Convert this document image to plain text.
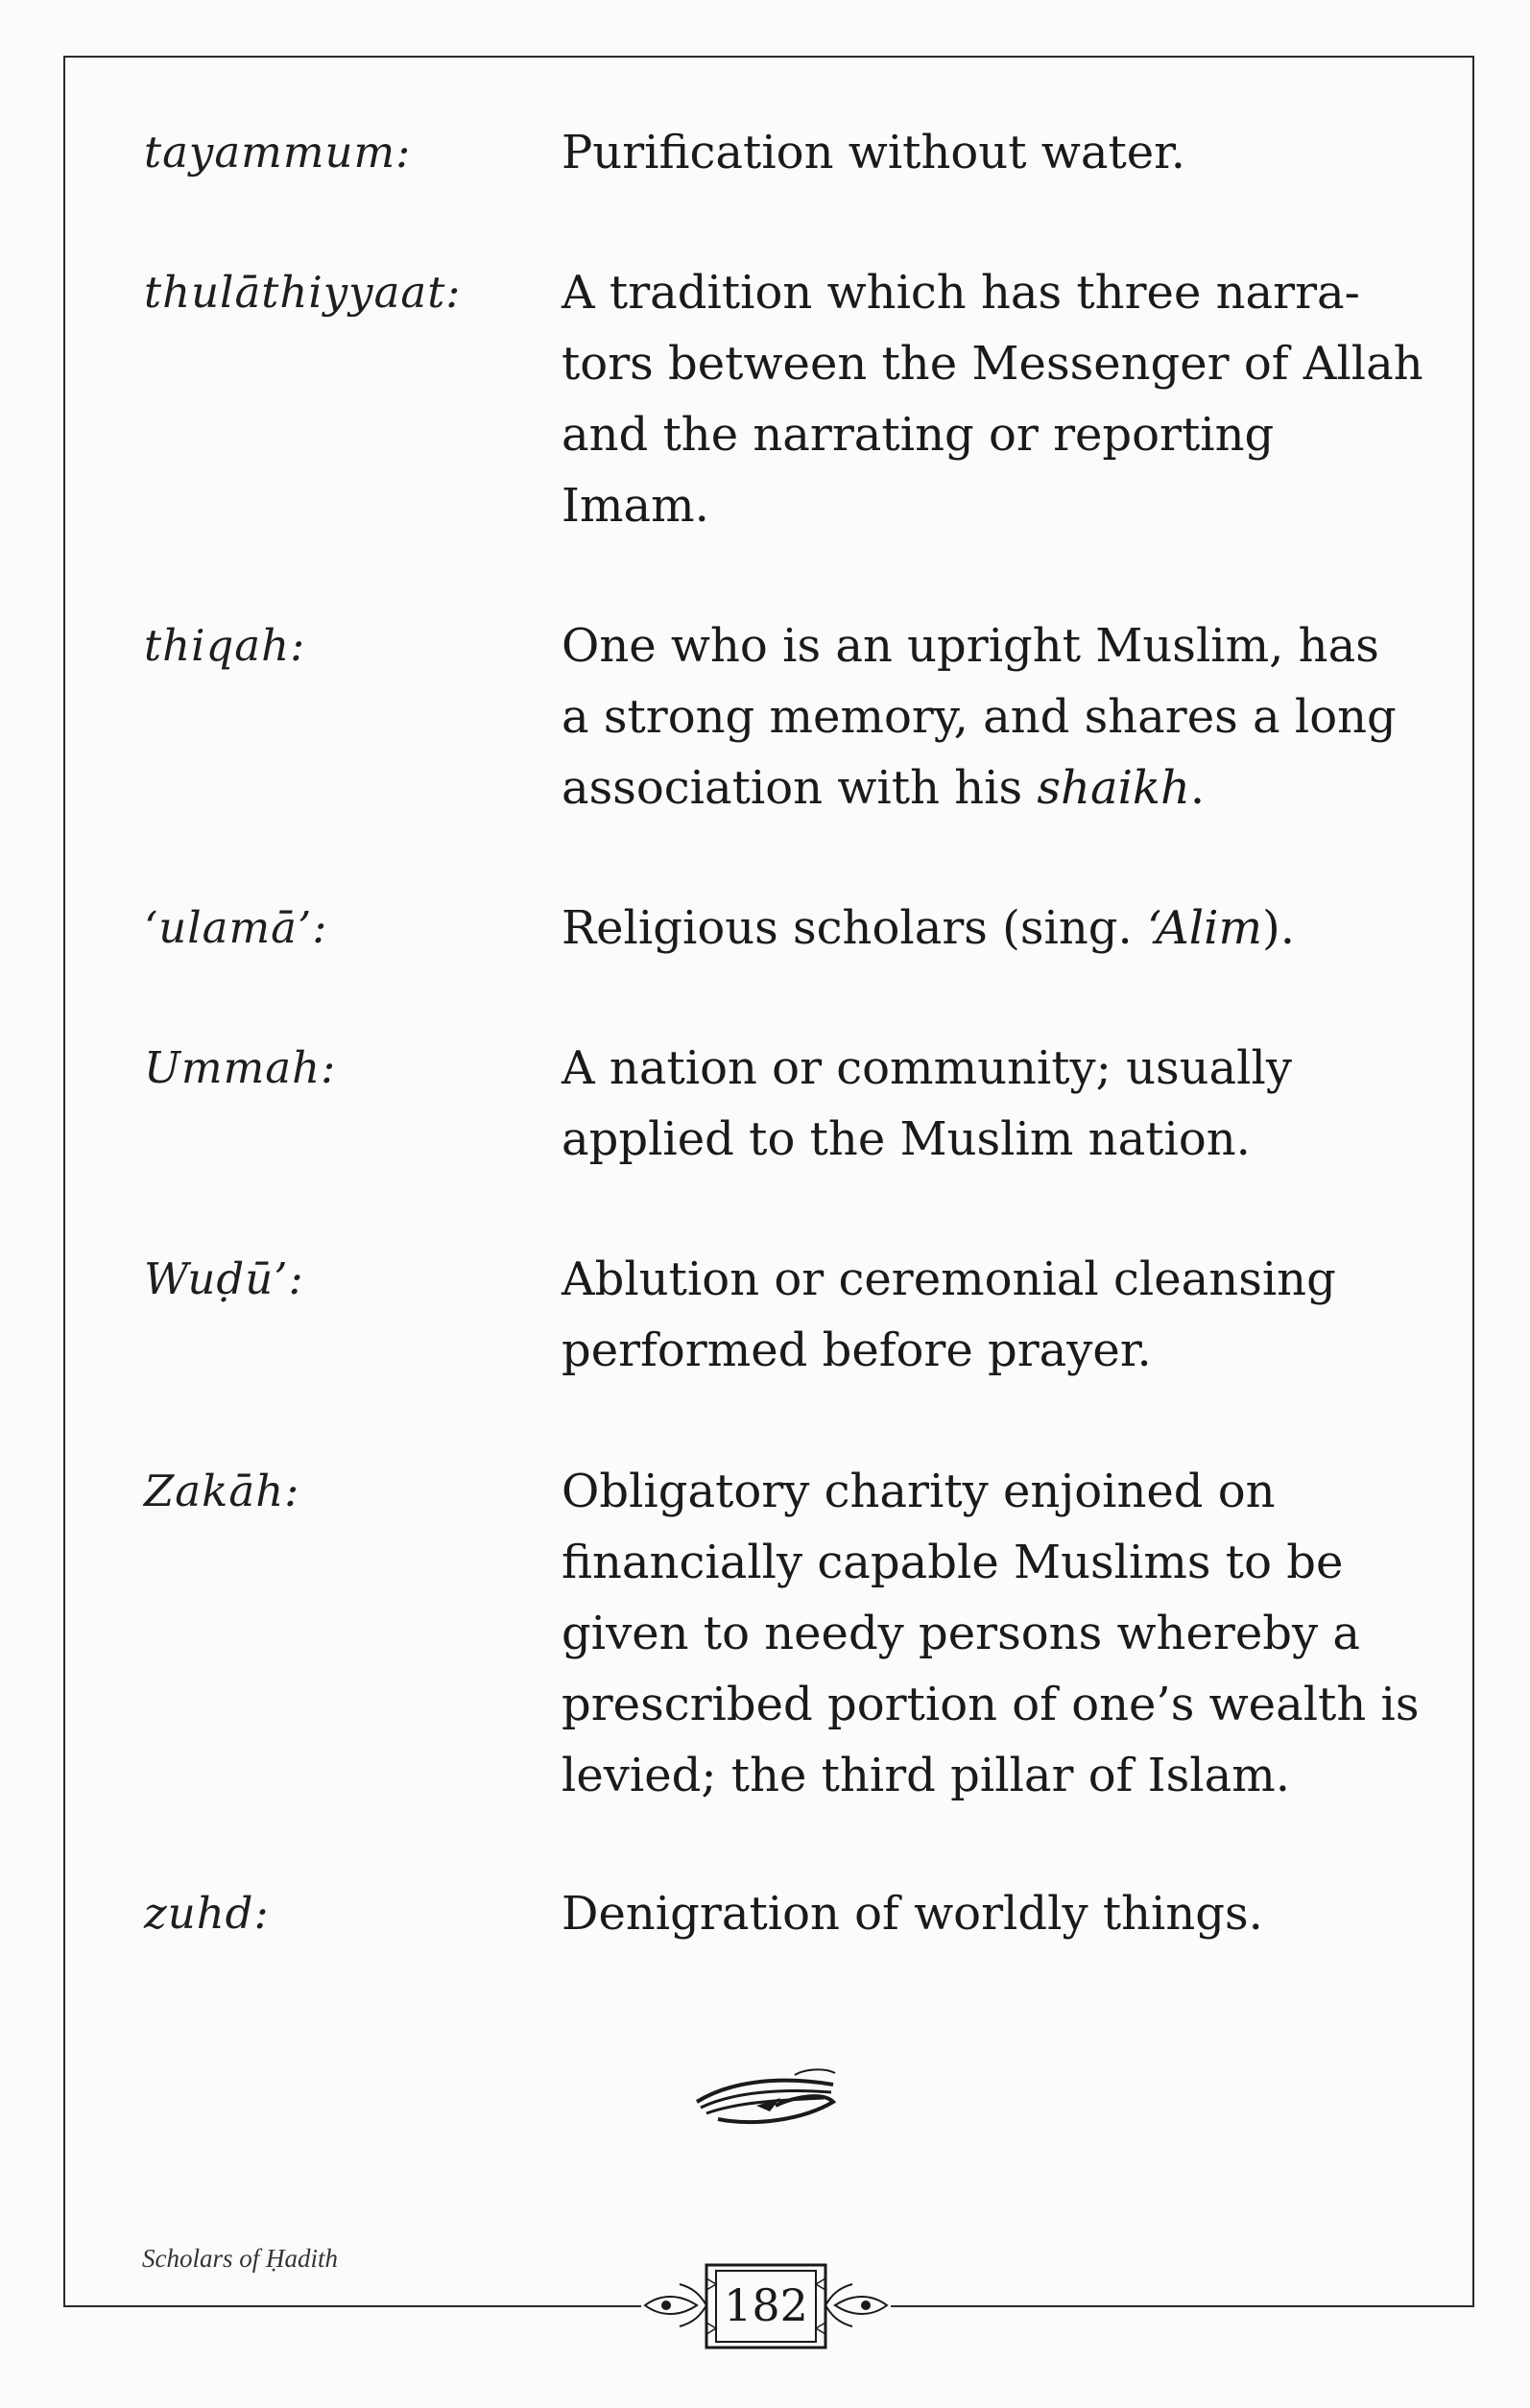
tayammum:	Purification without water.
thulāthiyyaat: A tradition which has three narra-
tors between the Messenger of Allah
and the narrating or reporting
Imam.
thiqah:	One who is an upright Muslim, has
a strong memory, and shares a long
association with his shaikh.
‘ulamā’:	Religious scholars (sing. ‘Alim).
Ummah:	A nation or community; usually
applied to the Muslim nation.
Wuḍū’:	Ablution or ceremonial cleansing
performed before prayer.
Zakāh:	Obligatory charity enjoined on
financially capable Muslims to be
given to needy persons whereby a
prescribed portion of one’s wealth is
levied; the third pillar of Islam.
zuhd:	Denigration of worldly things.
Scholars of Ḥadith
182
